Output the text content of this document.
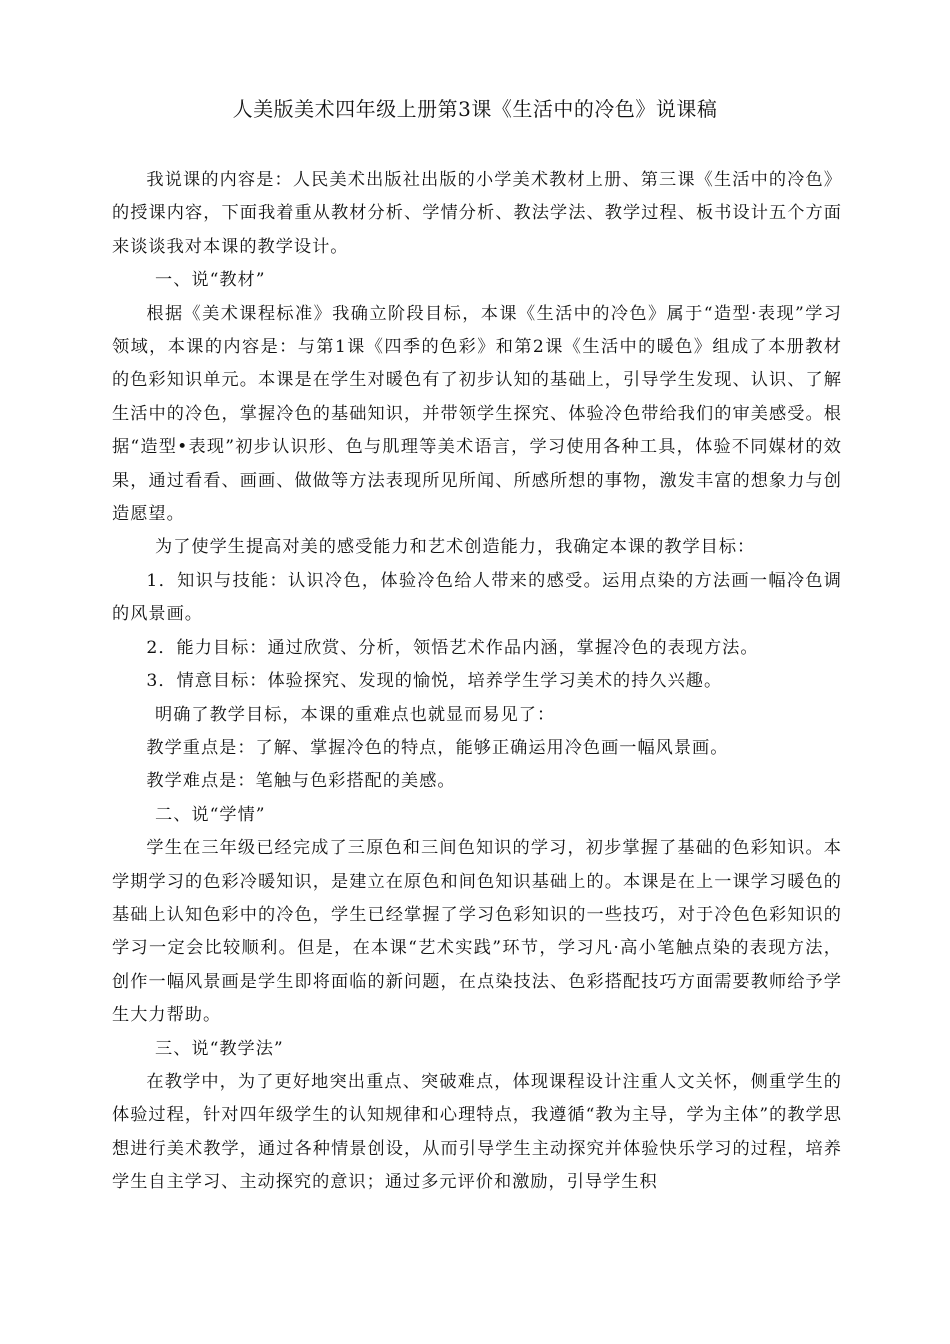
人美版美术四年级上册第3课《生活中的冷色》说课稿

我说课的内容是：人民美术出版社出版的小学美术教材上册、第三课《生活中的冷色》的授课内容，下面我着重从教材分析、学情分析、教法学法、教学过程、板书设计五个方面来谈谈我对本课的教学设计。

一、说“教材”

根据《美术课程标准》我确立阶段目标，本课《生活中的冷色》属于“造型·表现”学习领域，本课的内容是：与第1课《四季的色彩》和第2课《生活中的暖色》组成了本册教材的色彩知识单元。本课是在学生对暖色有了初步认知的基础上，引导学生发现、认识、了解生活中的冷色，掌握冷色的基础知识，并带领学生探究、体验冷色带给我们的审美感受。根据“造型•表现”初步认识形、色与肌理等美术语言，学习使用各种工具，体验不同媒材的效果，通过看看、画画、做做等方法表现所见所闻、所感所想的事物，激发丰富的想象力与创造愿望。

为了使学生提高对美的感受能力和艺术创造能力，我确定本课的教学目标：

1．知识与技能：认识冷色，体验冷色给人带来的感受。运用点染的方法画一幅冷色调的风景画。

2．能力目标：通过欣赏、分析，领悟艺术作品内涵，掌握冷色的表现方法。

3．情意目标：体验探究、发现的愉悦，培养学生学习美术的持久兴趣。

明确了教学目标，本课的重难点也就显而易见了：

教学重点是：了解、掌握冷色的特点，能够正确运用冷色画一幅风景画。

教学难点是：笔触与色彩搭配的美感。

二、说“学情”

学生在三年级已经完成了三原色和三间色知识的学习，初步掌握了基础的色彩知识。本学期学习的色彩冷暖知识，是建立在原色和间色知识基础上的。本课是在上一课学习暖色的基础上认知色彩中的冷色，学生已经掌握了学习色彩知识的一些技巧，对于冷色色彩知识的学习一定会比较顺利。但是，在本课“艺术实践”环节，学习凡·高小笔触点染的表现方法，创作一幅风景画是学生即将面临的新问题，在点染技法、色彩搭配技巧方面需要教师给予学生大力帮助。

三、说“教学法”

在教学中，为了更好地突出重点、突破难点，体现课程设计注重人文关怀，侧重学生的体验过程，针对四年级学生的认知规律和心理特点，我遵循“教为主导，学为主体”的教学思想进行美术教学，通过各种情景创设，从而引导学生主动探究并体验快乐学习的过程，培养学生自主学习、主动探究的意识；通过多元评价和激励，引导学生积
